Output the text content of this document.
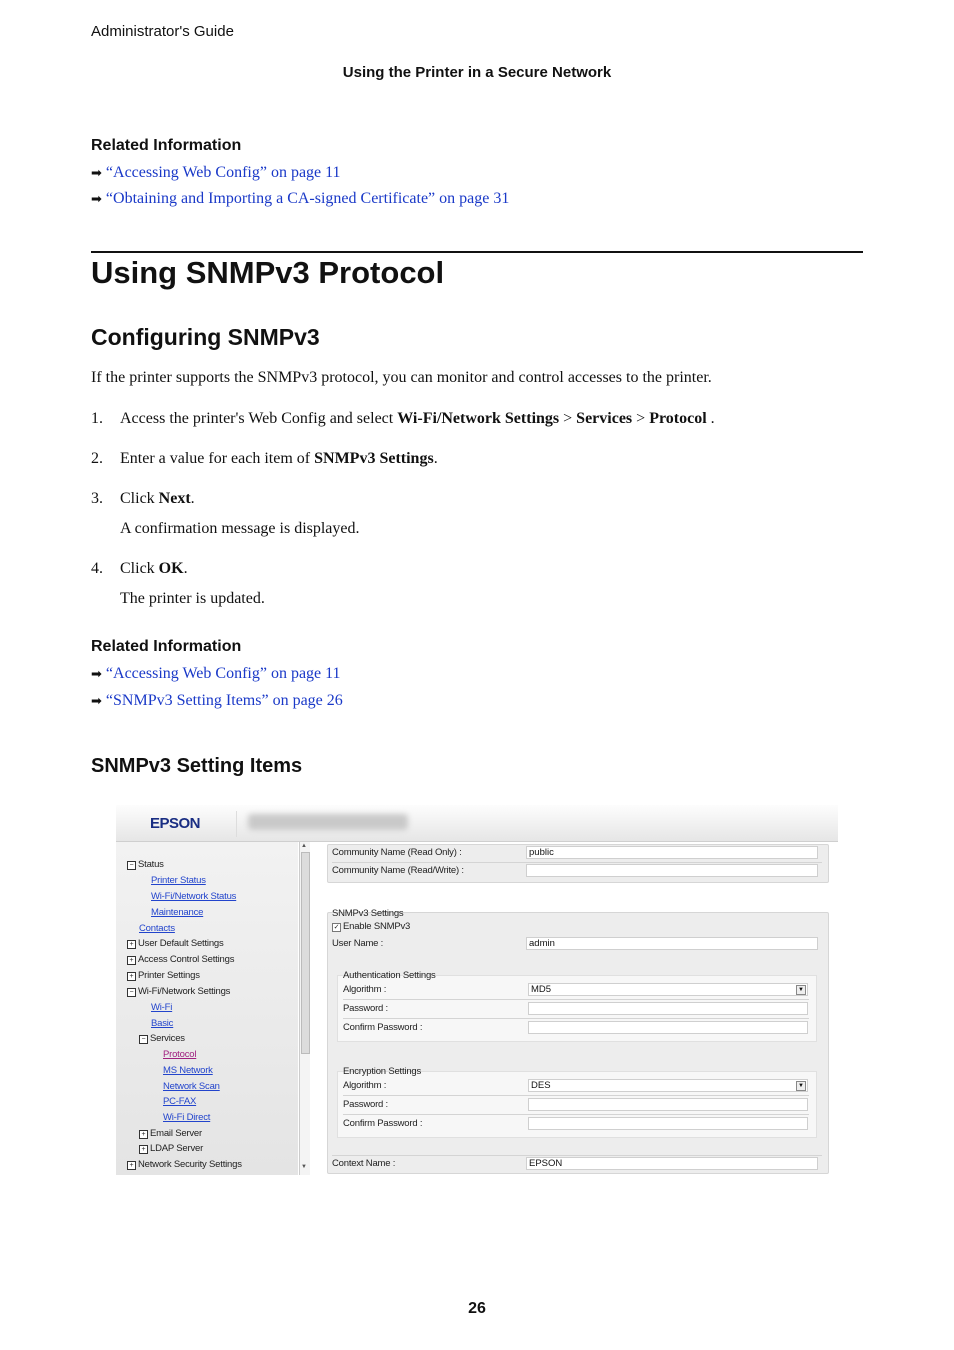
Administrator's Guide
Using the Printer in a Secure Network
Related Information
➡ “Accessing Web Config” on page 11
➡ “Obtaining and Importing a CA-signed Certificate” on page 31
Using SNMPv3 Protocol
Configuring SNMPv3
If the printer supports the SNMPv3 protocol, you can monitor and control accesses to the printer.
1. Access the printer's Web Config and select Wi-Fi/Network Settings > Services > Protocol .
2. Enter a value for each item of SNMPv3 Settings.
3. Click Next.
A confirmation message is displayed.
4. Click OK.
The printer is updated.
Related Information
➡ “Accessing Web Config” on page 11
➡ “SNMPv3 Setting Items” on page 26
SNMPv3 Setting Items
EPSON
− Status
Printer Status
Wi-Fi/Network Status
Maintenance
Contacts
+ User Default Settings
+ Access Control Settings
+ Printer Settings
− Wi-Fi/Network Settings
Wi-Fi
Basic
− Services
Protocol
MS Network
Network Scan
PC-FAX
Wi-Fi Direct
+ Email Server
+ LDAP Server
+ Network Security Settings
▲
▼
Community Name (Read Only) :	public
Community Name (Read/Write) :
SNMPv3 Settings
✓ Enable SNMPv3
User Name :	admin
Authentication Settings
Algorithm :	MD5	▼
Password :
Confirm Password :
Encryption Settings
Algorithm :	DES	▼
Password :
Confirm Password :
Context Name :	EPSON
26
